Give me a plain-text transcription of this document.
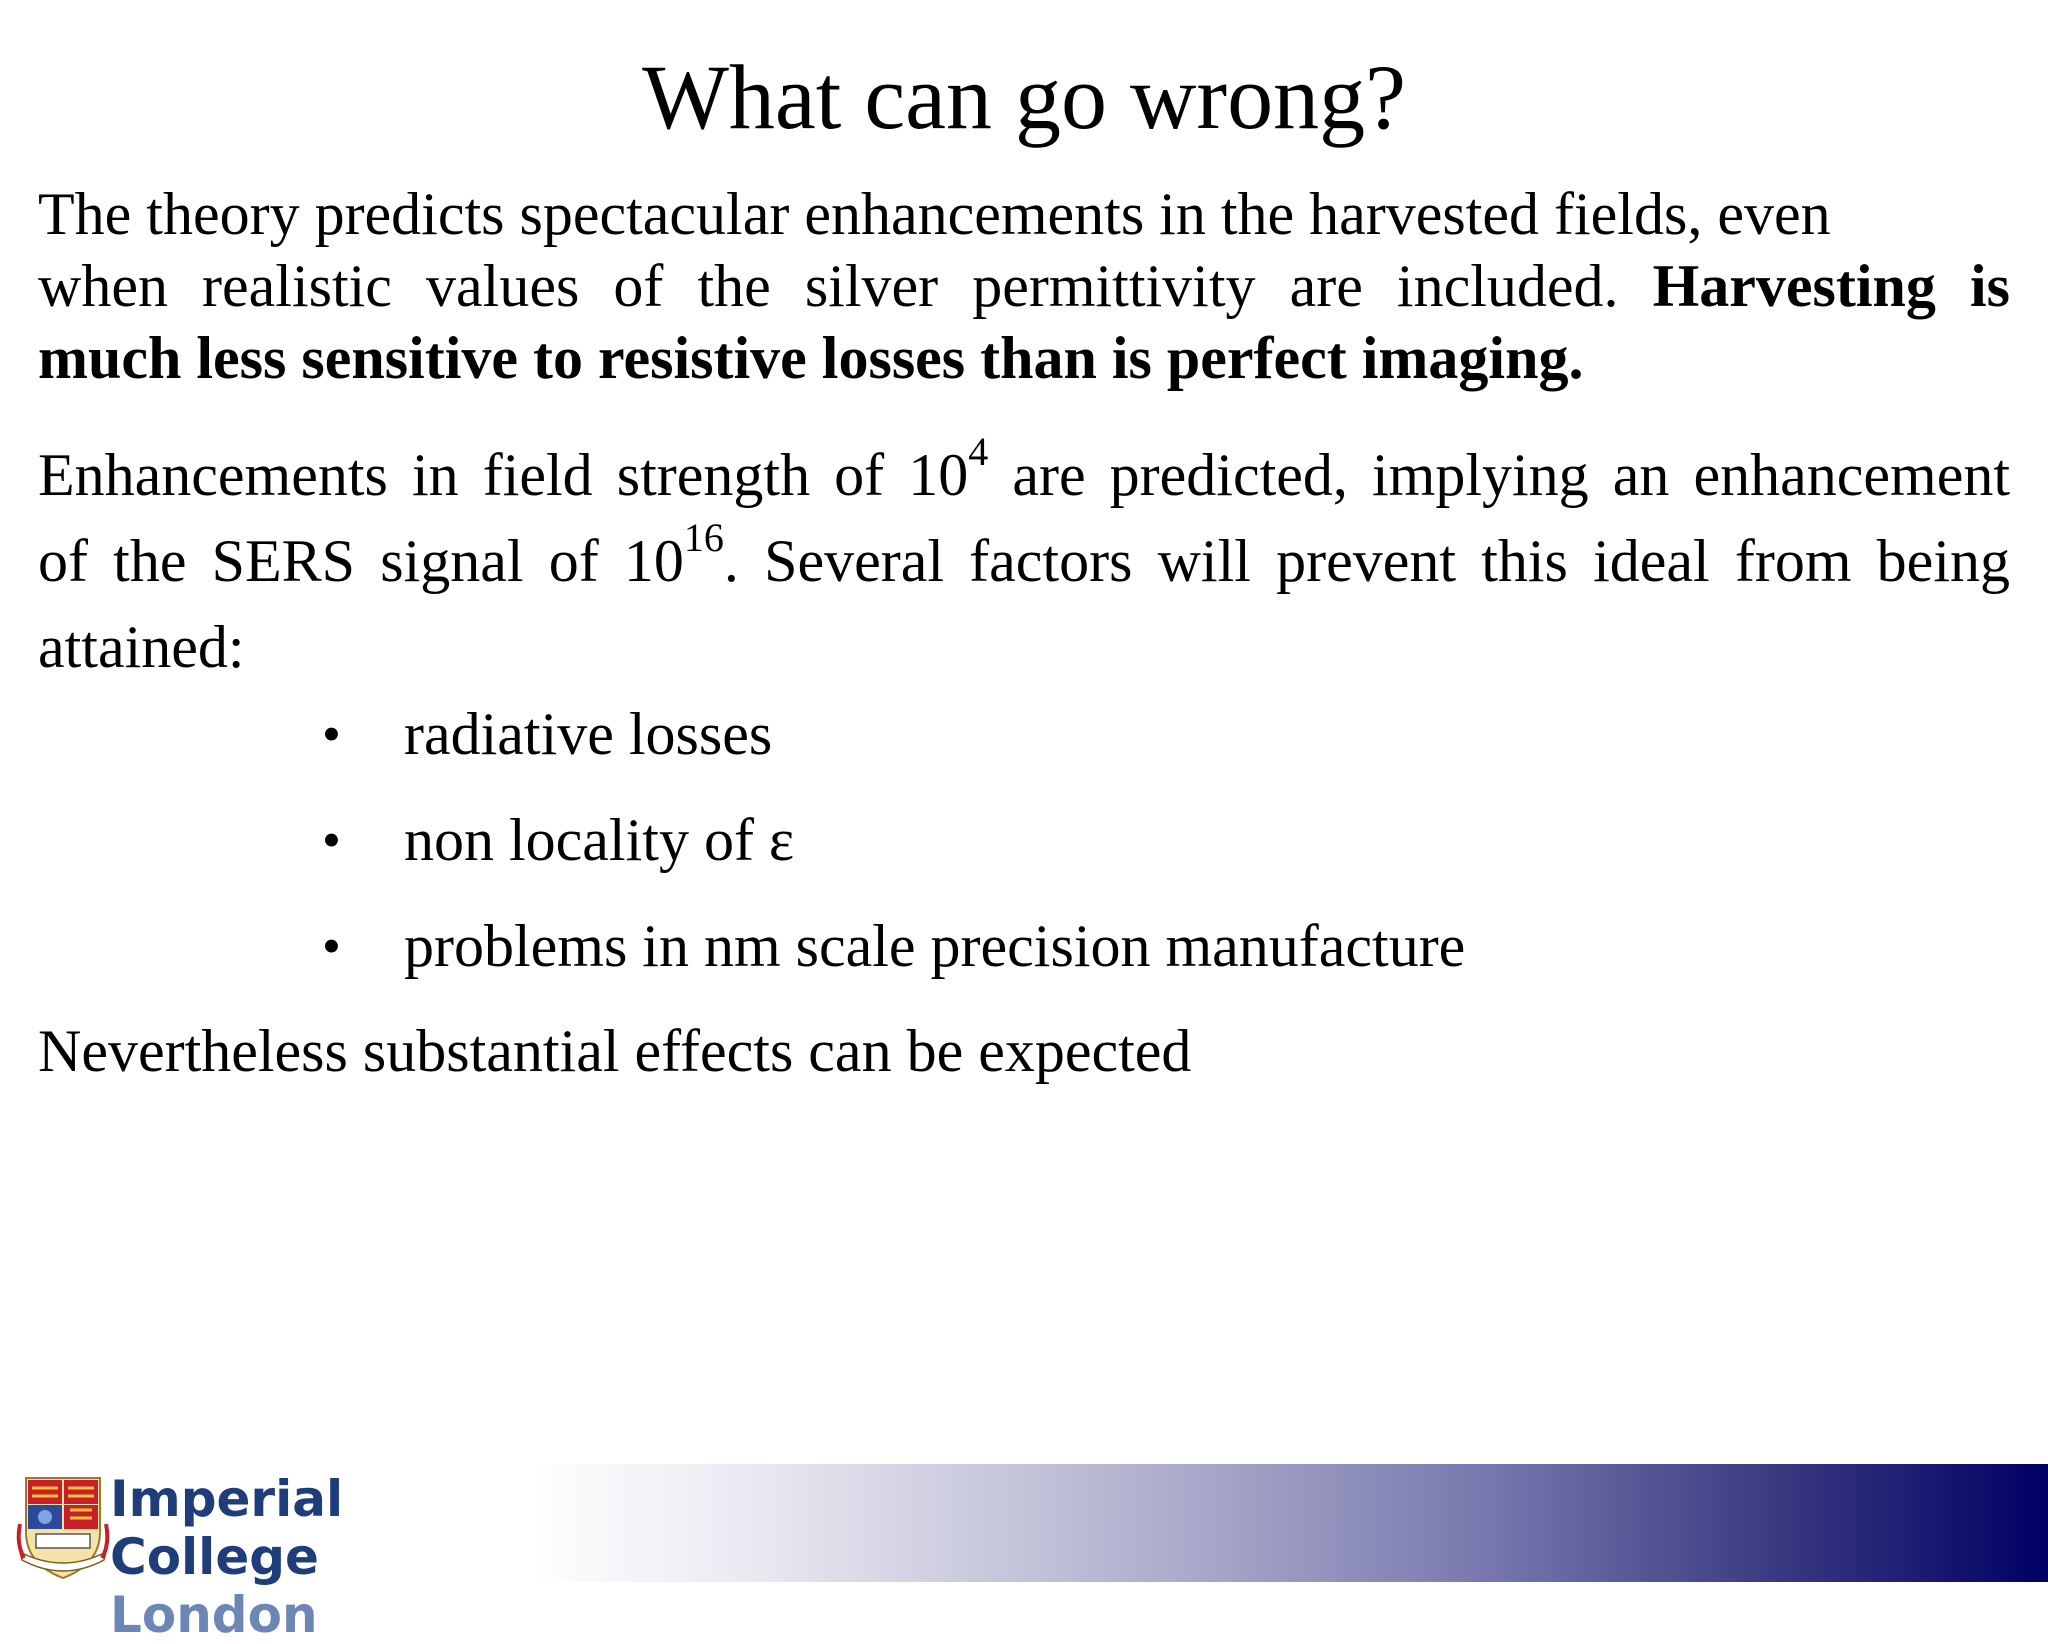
What can go wrong?
The theory predicts spectacular enhancements in the harvested fields, even
when realistic values of the silver permittivity are included. Harvesting is
much less sensitive to resistive losses than is perfect imaging.
Enhancements in field strength of $10^4$ are predicted, implying an enhancement
of the SERS signal of $10^{16}$. Several factors will prevent this ideal from being
attained:
•	radiative losses
•	non locality of ε
•	problems in nm scale precision manufacture

Nevertheless substantial effects can be expected

Imperial College
London
